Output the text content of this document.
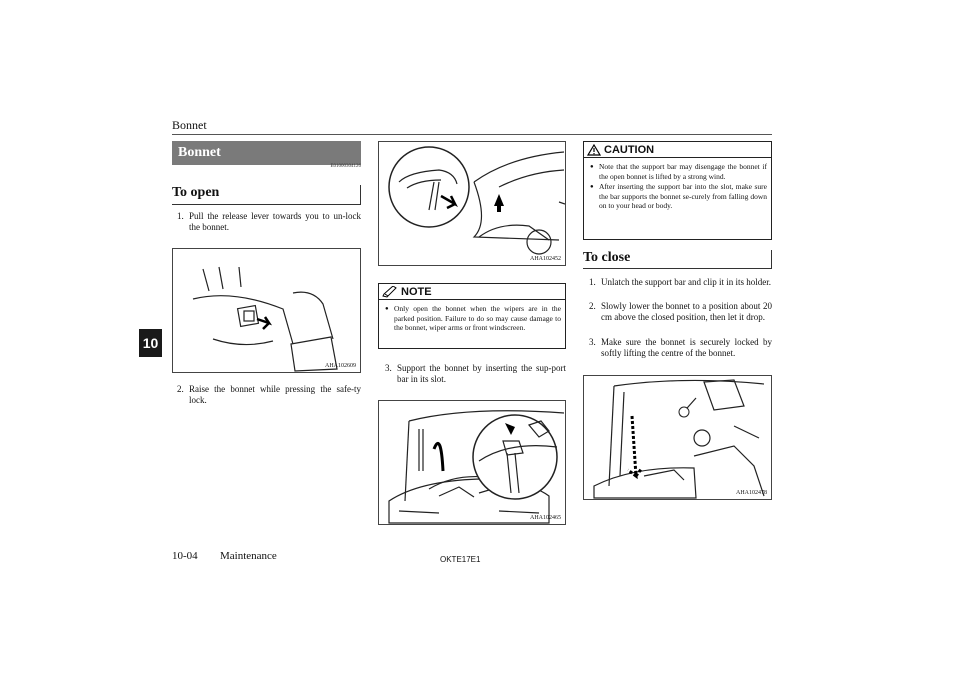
Bonnet
10
Bonnet
E01000304126
To open
1. Pull the release lever towards you to un-lock the bonnet.
AHA102609
2. Raise the bonnet while pressing the safe-ty lock.
AHA102452
NOTE
● Only open the bonnet when the wipers are in the parked position. Failure to do so may cause damage to the bonnet, wiper arms or front windscreen.
3. Support the bonnet by inserting the sup-port bar in its slot.
AHA102465
CAUTION
● Note that the support bar may disengage the bonnet if the open bonnet is lifted by a strong wind.
● After inserting the support bar into the slot, make sure the bar supports the bonnet se-curely from falling down on to your head or body.
To close
1. Unlatch the support bar and clip it in its holder.
2. Slowly lower the bonnet to a position about 20 cm above the closed position, then let it drop.
3. Make sure the bonnet is securely locked by softly lifting the centre of the bonnet.
AHA102478
10-04 Maintenance	OKTE17E1
